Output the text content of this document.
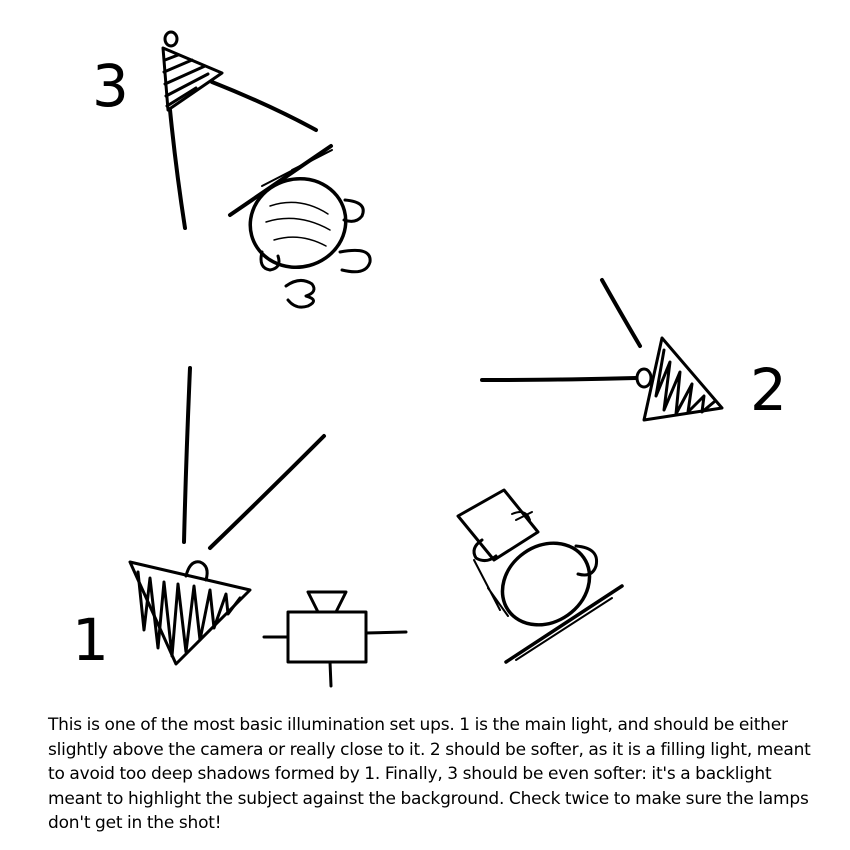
3
2
1

This is one of the most basic illumination set ups. 1 is the main light, and should be either slightly above the camera or really close to it. 2 should be softer, as it is a filling light, meant to avoid too deep shadows formed by 1. Finally, 3 should be even softer: it's a backlight meant to highlight the subject against the background. Check twice to make sure the lamps don't get in the shot!
